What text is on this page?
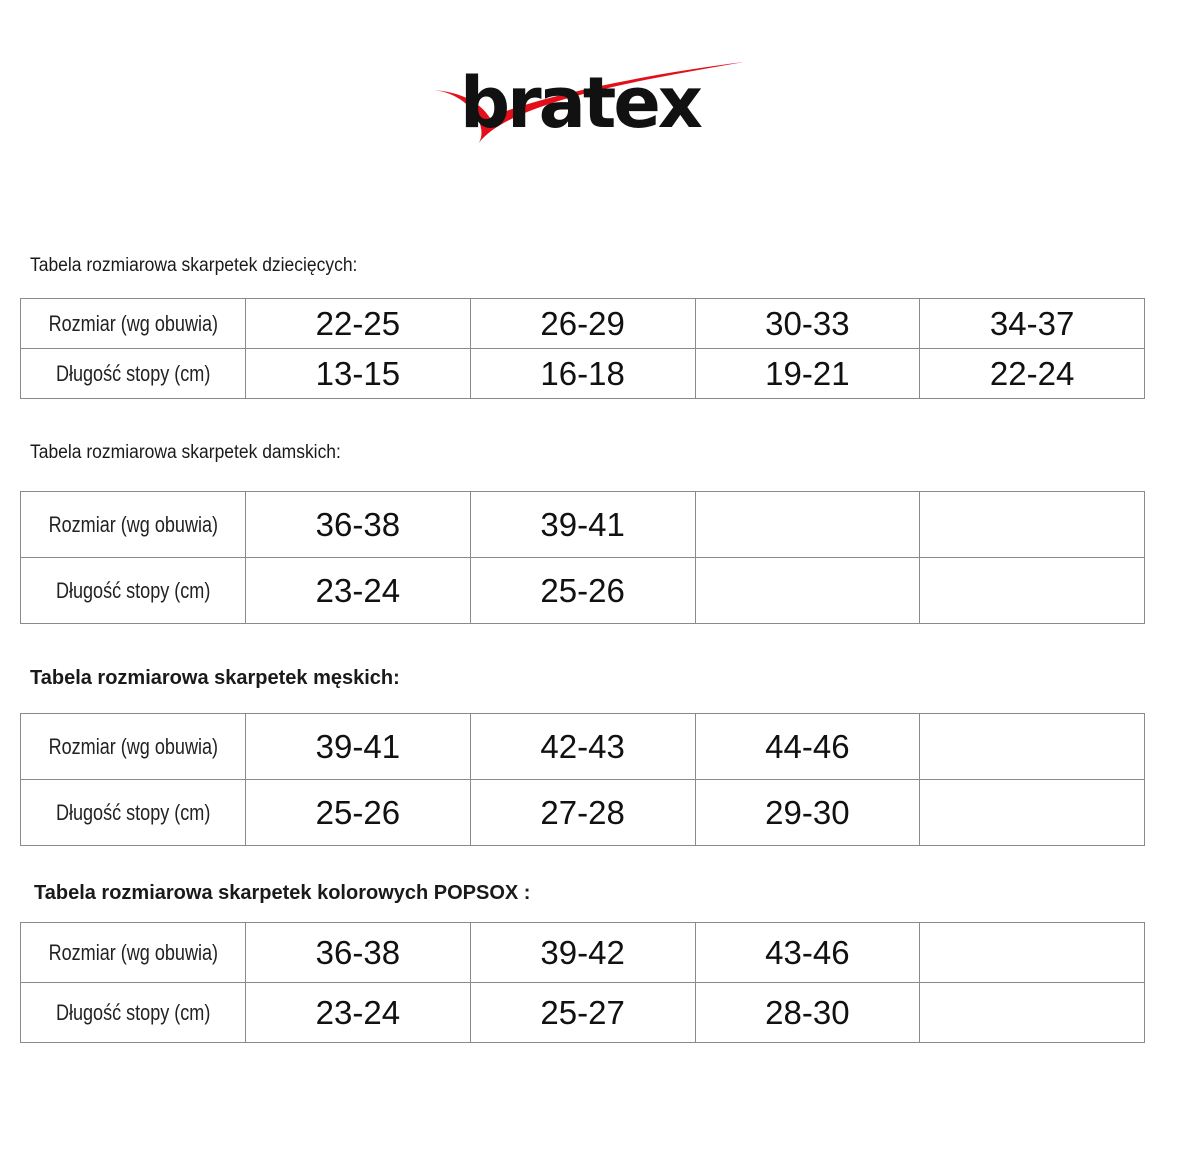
bratex
Tabela rozmiarowa skarpetek dziecięcych:
Rozmiar (wg obuwia)	22-25	26-29	30-33	34-37
Długość stopy (cm)	13-15	16-18	19-21	22-24
Tabela rozmiarowa skarpetek damskich:
Rozmiar (wg obuwia)	36-38	39-41		
Długość stopy (cm)	23-24	25-26		
Tabela rozmiarowa skarpetek męskich:
Rozmiar (wg obuwia)	39-41	42-43	44-46	
Długość stopy (cm)	25-26	27-28	29-30	
Tabela rozmiarowa skarpetek kolorowych POPSOX :
Rozmiar (wg obuwia)	36-38	39-42	43-46	
Długość stopy (cm)	23-24	25-27	28-30	
